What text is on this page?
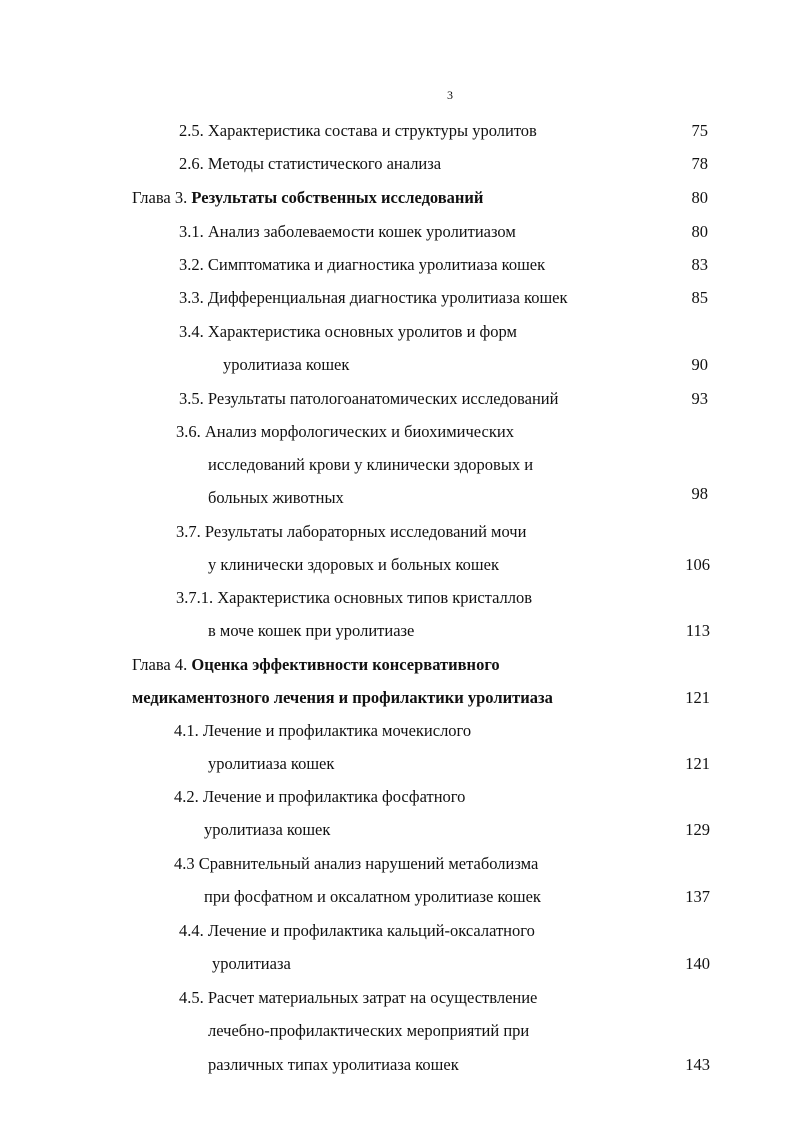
3
2.5. Характеристика состава и структуры уролитов	75
2.6. Методы статистического анализа	78
Глава 3. Результаты собственных исследований	80
3.1. Анализ заболеваемости кошек уролитиазом	80
3.2. Симптоматика и диагностика уролитиаза кошек	83
3.3. Дифференциальная диагностика уролитиаза кошек	85
3.4. Характеристика основных уролитов и форм
уролитиаза кошек	90
3.5. Результаты патологоанатомических исследований	93
3.6. Анализ морфологических и биохимических
исследований крови у клинически здоровых и
больных животных	98
3.7. Результаты лабораторных исследований мочи
у клинически здоровых и больных кошек	106
3.7.1. Характеристика основных типов кристаллов
в моче кошек при уролитиазе	113
Глава 4. Оценка эффективности консервативного
медикаментозного лечения и профилактики уролитиаза	121
4.1. Лечение и профилактика мочекислого
уролитиаза кошек	121
4.2. Лечение и профилактика фосфатного
уролитиаза кошек	129
4.3 Сравнительный анализ нарушений метаболизма
при фосфатном и оксалатном уролитиазе кошек	137
4.4. Лечение и профилактика кальций-оксалатного
уролитиаза	140
4.5. Расчет материальных затрат на осуществление
лечебно-профилактических мероприятий при
различных типах уролитиаза кошек	143
